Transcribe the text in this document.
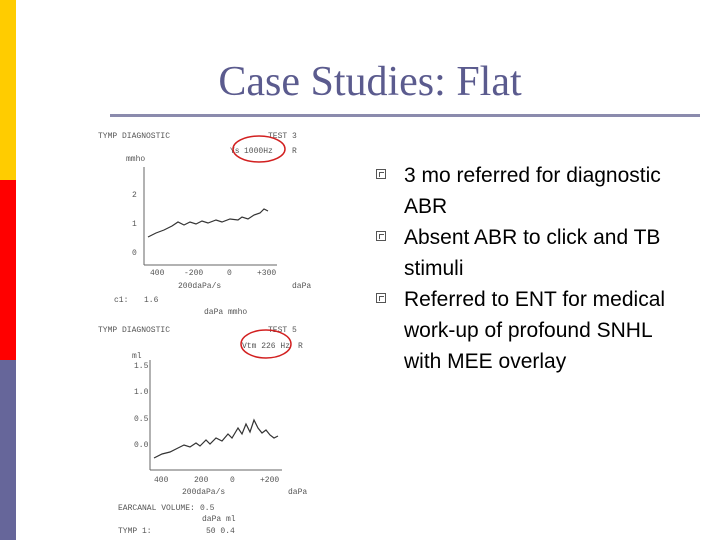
Case Studies: Flat
3 mo referred for diagnostic ABR
Absent ABR to click and TB stimuli
Referred to ENT for medical work-up of profound SNHL with MEE overlay
TYMP DIAGNOSTIC	TEST 3
Ys 1000Hz R
mmho
2
1
0
400 -200	0	+300
200daPa/s	daPa
c1: 1.6
daPa mmho
TYMP DIAGNOSTIC	TEST 5
Vtm 226 Hz R
ml
1.5
1.0
0.5
0.0
400	200	0	+200
200daPa/s	daPa
EARCANAL VOLUME: 0.5
daPa ml
TYMP 1:	50 0.4
